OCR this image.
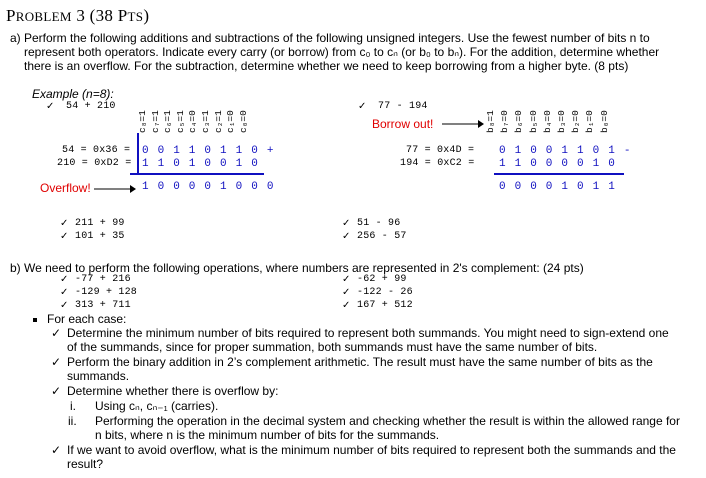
PROBLEM 3 (38 PTS)
a) Perform the following additions and subtractions of the following unsigned integers. Use the fewest number of bits n to
represent both operators. Indicate every carry (or borrow) from c₀ to cₙ (or b₀ to bₙ). For the addition, determine whether
there is an overflow. For the subtraction, determine whether we need to keep borrowing from a higher byte. (8 pts)
Example (n=8):
✓ 54 + 210
c₈=1 c₇=1 c₆=1 c₅=1 c₄=0 c₃=1 c₂=1 c₁=0 c₀=0
54 = 0x36 = 0 0 1 1 0 1 1 0 +
210 = 0xD2 = 1 1 0 1 0 0 1 0
Overflow!	1 0 0 0 0 1 0 0 0
✓ 77 - 194
Borrow out!	b₈=1 b₇=0 b₆=0 b₅=0 b₄=0 b₃=0 b₂=0 b₁=0 b₀=0
77 = 0x4D = 0 1 0 0 1 1 0 1 -
194 = 0xC2 = 1 1 0 0 0 0 1 0
0 0 0 0 1 0 1 1
✓ 211 + 99
✓ 101 + 35
✓ 51 - 96
✓ 256 - 57
b) We need to perform the following operations, where numbers are represented in 2's complement: (24 pts)
✓ -77 + 216
✓ -129 + 128
✓ 313 + 711
✓ -62 + 99
✓ -122 - 26
✓ 167 + 512
For each case:
✓ Determine the minimum number of bits required to represent both summands. You might need to sign-extend one
of the summands, since for proper summation, both summands must have the same number of bits.
✓ Perform the binary addition in 2’s complement arithmetic. The result must have the same number of bits as the
summands.
✓ Determine whether there is overflow by:
i. Using cₙ, cₙ₋₁ (carries).
ii. Performing the operation in the decimal system and checking whether the result is within the allowed range for
n bits, where n is the minimum number of bits for the summands.
✓ If we want to avoid overflow, what is the minimum number of bits required to represent both the summands and the
result?
